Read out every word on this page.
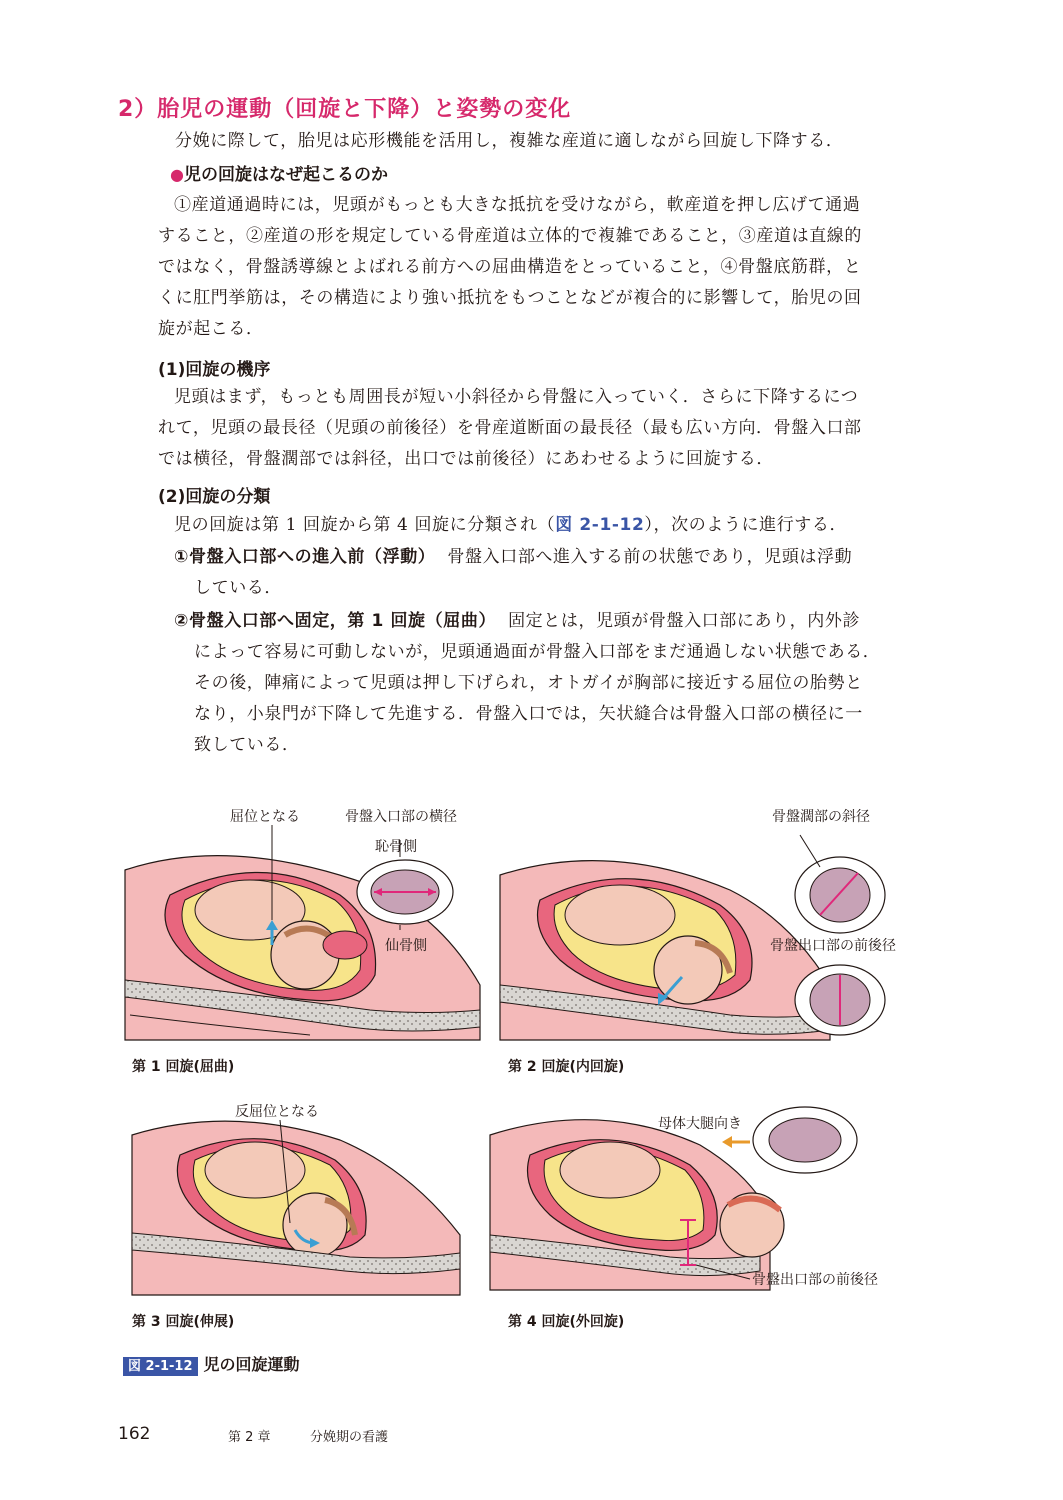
2）胎児の運動（回旋と下降）と姿勢の変化
分娩に際して，胎児は応形機能を活用し，複雑な産道に適しながら回旋し下降する．
●児の回旋はなぜ起こるのか
①産道通過時には，児頭がもっとも大きな抵抗を受けながら，軟産道を押し広げて通過
すること，②産道の形を規定している骨産道は立体的で複雑であること，③産道は直線的
ではなく，骨盤誘導線とよばれる前方への屈曲構造をとっていること，④骨盤底筋群，と
くに肛門挙筋は，その構造により強い抵抗をもつことなどが複合的に影響して，胎児の回
旋が起こる．
(1)回旋の機序
児頭はまず，もっとも周囲長が短い小斜径から骨盤に入っていく．さらに下降するにつ
れて，児頭の最長径（児頭の前後径）を骨産道断面の最長径（最も広い方向．骨盤入口部
では横径，骨盤濶部では斜径，出口では前後径）にあわせるように回旋する．
(2)回旋の分類
児の回旋は第 1 回旋から第 4 回旋に分類され（図 2-1-12），次のように進行する．
①骨盤入口部への進入前（浮動） 骨盤入口部へ進入する前の状態であり，児頭は浮動
している．
②骨盤入口部へ固定，第 1 回旋（屈曲） 固定とは，児頭が骨盤入口部にあり，内外診
によって容易に可動しないが，児頭通過面が骨盤入口部をまだ通過しない状態である．
その後，陣痛によって児頭は押し下げられ，オトガイが胸部に接近する屈位の胎勢と
なり，小泉門が下降して先進する．骨盤入口では，矢状縫合は骨盤入口部の横径に一
致している．
屈位となる	骨盤入口部の横径
恥骨側
仙骨側
第 1 回旋(屈曲)
骨盤濶部の斜径
骨盤出口部の前後径
第 2 回旋(内回旋)
反屈位となる
第 3 回旋(伸展)
母体大腿向き
骨盤出口部の前後径
第 4 回旋(外回旋)
図 2-1-12 児の回旋運動
162	第 2 章	分娩期の看護
